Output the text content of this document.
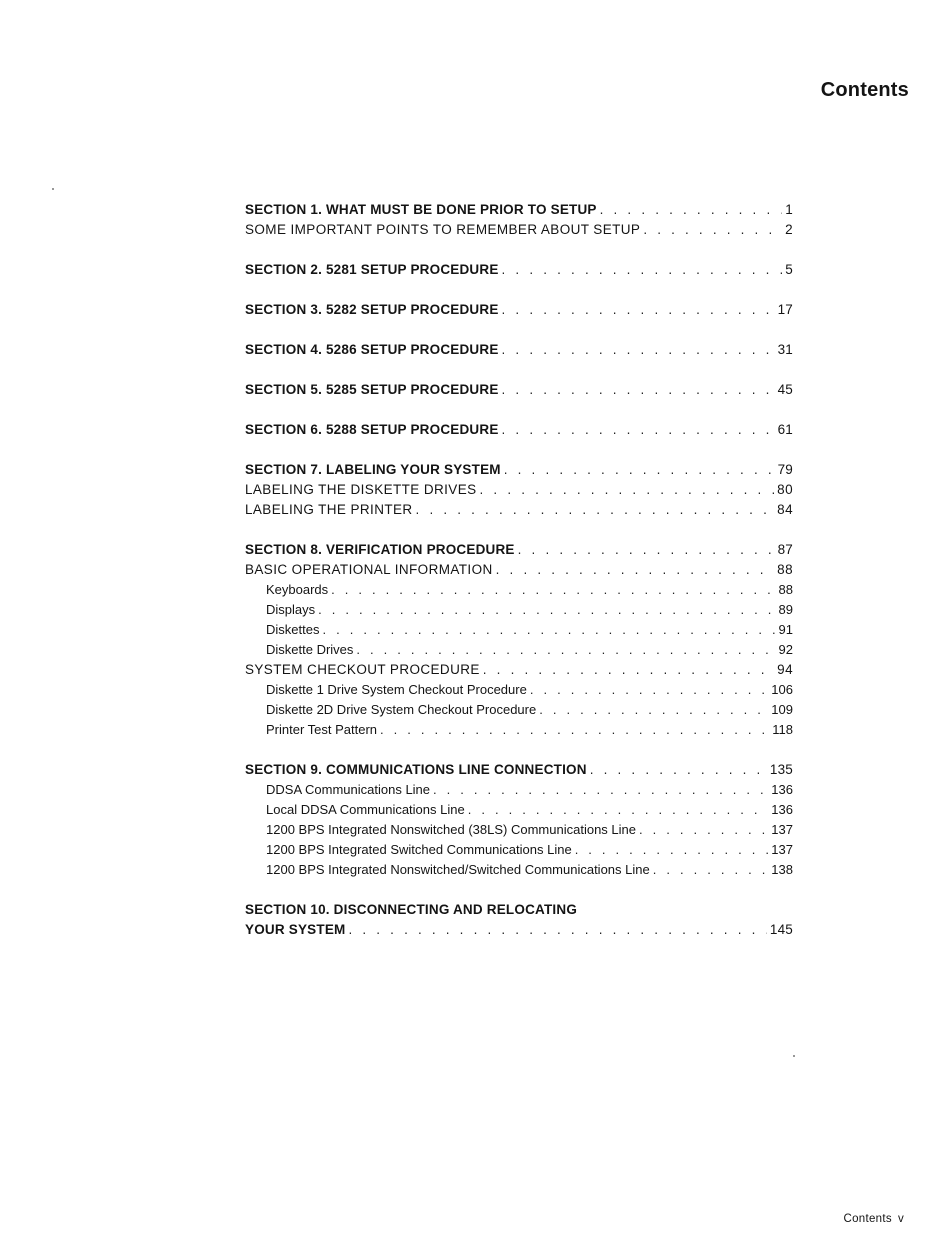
Contents
SECTION 1. WHAT MUST BE DONE PRIOR TO SETUP . . .	1
SOME IMPORTANT POINTS TO REMEMBER ABOUT SETUP . . .	2
SECTION 2. 5281 SETUP PROCEDURE . . .	5
SECTION 3. 5282 SETUP PROCEDURE . . .	17
SECTION 4. 5286 SETUP PROCEDURE . . .	31
SECTION 5. 5285 SETUP PROCEDURE . . .	45
SECTION 6. 5288 SETUP PROCEDURE . . .	61
SECTION 7. LABELING YOUR SYSTEM . . .	79
LABELING THE DISKETTE DRIVES . . .	80
LABELING THE PRINTER . . .	84
SECTION 8. VERIFICATION PROCEDURE . . .	87
BASIC OPERATIONAL INFORMATION . . .	88
Keyboards . . .	88
Displays . . .	89
Diskettes . . .	91
Diskette Drives . . .	92
SYSTEM CHECKOUT PROCEDURE . . .	94
Diskette 1 Drive System Checkout Procedure . . .	106
Diskette 2D Drive System Checkout Procedure . . .	109
Printer Test Pattern . . .	118
SECTION 9. COMMUNICATIONS LINE CONNECTION . . .	135
DDSA Communications Line . . .	136
Local DDSA Communications Line . . .	136
1200 BPS Integrated Nonswitched (38LS) Communications Line . . .	137
1200 BPS Integrated Switched Communications Line . . .	137
1200 BPS Integrated Nonswitched/Switched Communications Line . . .	138
SECTION 10. DISCONNECTING AND RELOCATING
YOUR SYSTEM . . .	145
Contents v
